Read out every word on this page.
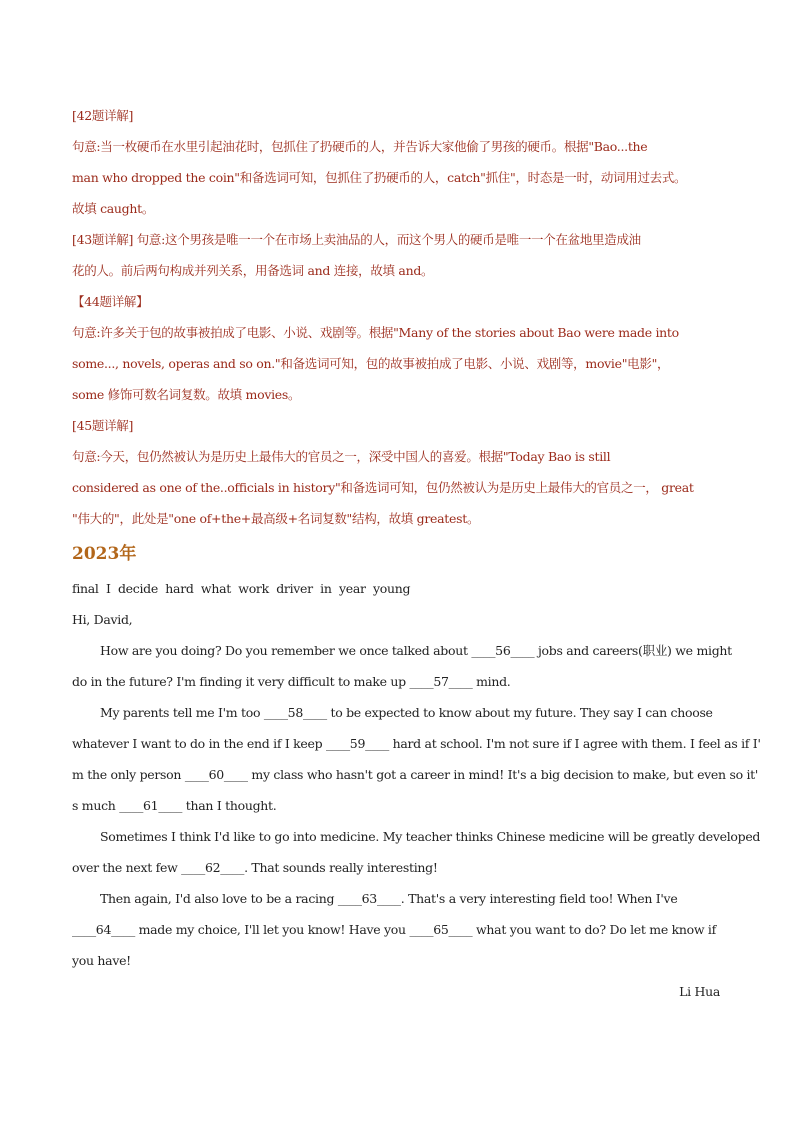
[42题详解]
句意:当一枚硬币在水里引起油花时，包抓住了扔硬币的人，并告诉大家他偷了男孩的硬币。根据"Bao...the
man who dropped the coin"和备选词可知，包抓住了扔硬币的人，catch"抓住"，时态是一时，动词用过去式。
故填 caught。
[43题详解] 句意:这个男孩是唯一一个在市场上卖油品的人，而这个男人的硬币是唯一一个在盆地里造成油
花的人。前后两句构成并列关系，用备选词 and 连接，故填 and。
【44题详解】
句意:许多关于包的故事被拍成了电影、小说、戏剧等。根据"Many of the stories about Bao were made into
some..., novels, operas and so on."和备选词可知，包的故事被拍成了电影、小说、戏剧等，movie"电影"，
some 修饰可数名词复数。故填 movies。
[45题详解]
句意:今天，包仍然被认为是历史上最伟大的官员之一，深受中国人的喜爱。根据"Today Bao is still
considered as one of the..officials in history"和备选词可知，包仍然被认为是历史上最伟大的官员之一， great
"伟大的"，此处是"one of+the+最高级+名词复数"结构，故填 greatest。
2023年
final  I  decide  hard  what  work  driver  in  year  young
Hi, David,
How are you doing? Do you remember we once talked about ____56____ jobs and careers(职业) we might
do in the future? I'm finding it very difficult to make up ____57____ mind.
My parents tell me I'm too ____58____ to be expected to know about my future. They say I can choose
whatever I want to do in the end if I keep ____59____ hard at school. I'm not sure if I agree with them. I feel as if I'
m the only person ____60____ my class who hasn't got a career in mind! It's a big decision to make, but even so it'
s much ____61____ than I thought.
Sometimes I think I'd like to go into medicine. My teacher thinks Chinese medicine will be greatly developed
over the next few ____62____. That sounds really interesting!
Then again, I'd also love to be a racing ____63____. That's a very interesting field too! When I've
____64____ made my choice, I'll let you know! Have you ____65____ what you want to do? Do let me know if
you have!
Li Hua
